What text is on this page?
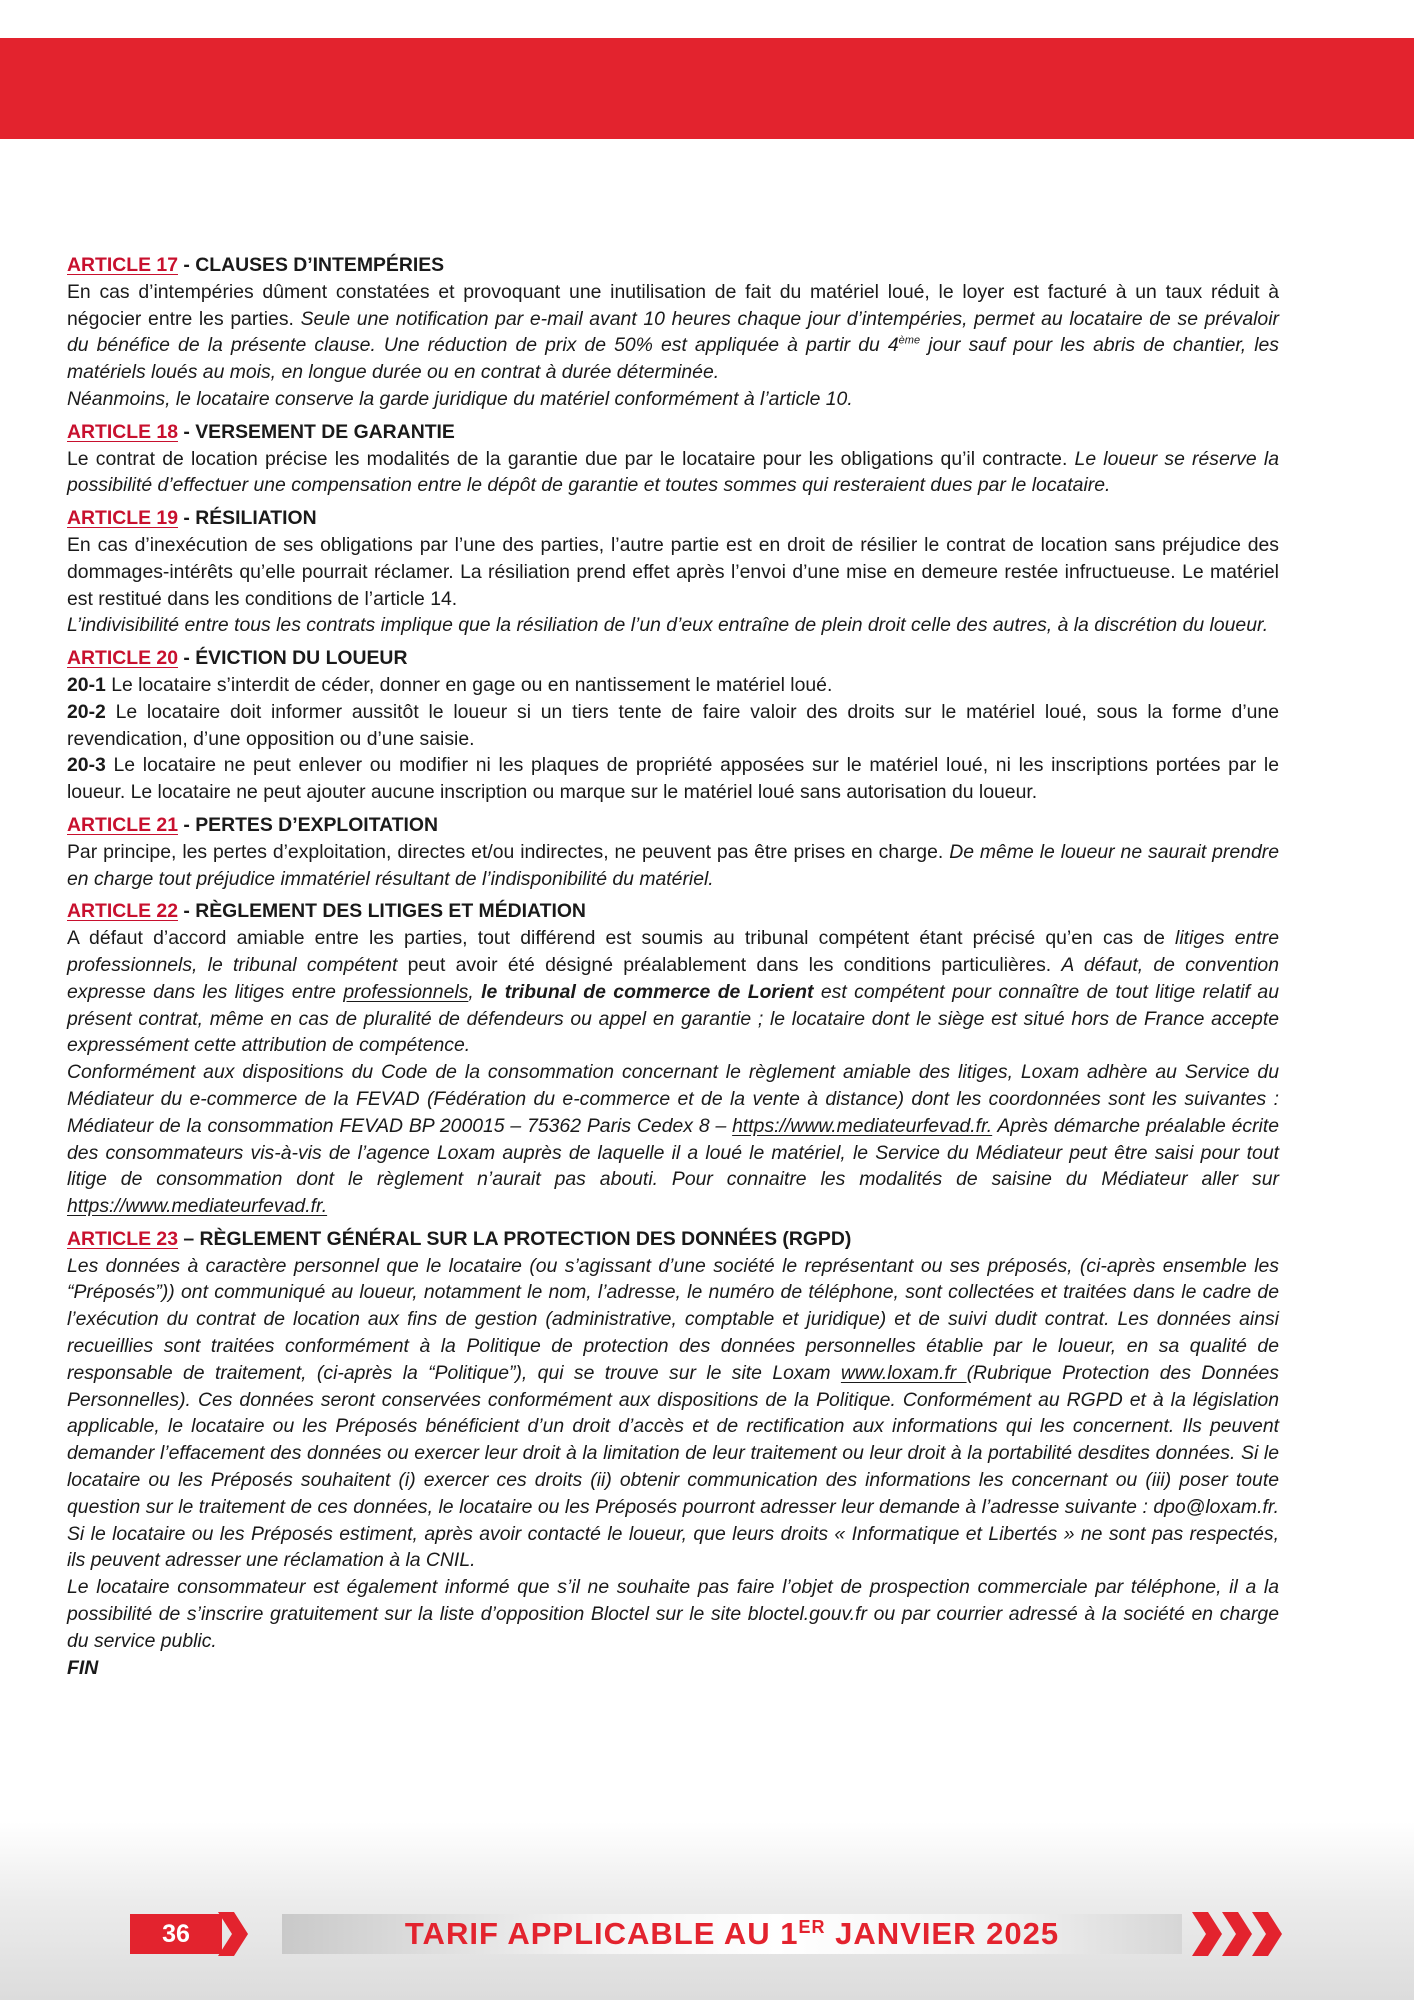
ARTICLE 17 - CLAUSES D’INTEMPÉRIES

En cas d’intempéries dûment constatées et provoquant une inutilisation de fait du matériel loué, le loyer est facturé à un taux réduit à négocier entre les parties. Seule une notification par e-mail avant 10 heures chaque jour d’intempéries, permet au locataire de se prévaloir du bénéfice de la présente clause. Une réduction de prix de 50% est appliquée à partir du 4ème jour sauf pour les abris de chantier, les matériels loués au mois, en longue durée ou en contrat à durée déterminée.

Néanmoins, le locataire conserve la garde juridique du matériel conformément à l’article 10.

ARTICLE 18 - VERSEMENT DE GARANTIE

Le contrat de location précise les modalités de la garantie due par le locataire pour les obligations qu’il contracte. Le loueur se réserve la possibilité d’effectuer une compensation entre le dépôt de garantie et toutes sommes qui resteraient dues par le locataire.

ARTICLE 19 - RÉSILIATION

En cas d’inexécution de ses obligations par l’une des parties, l’autre partie est en droit de résilier le contrat de location sans préjudice des dommages-intérêts qu’elle pourrait réclamer. La résiliation prend effet après l’envoi d’une mise en demeure restée infructueuse. Le matériel est restitué dans les conditions de l’article 14.

L’indivisibilité entre tous les contrats implique que la résiliation de l’un d’eux entraîne de plein droit celle des autres, à la discrétion du loueur.

ARTICLE 20 - ÉVICTION DU LOUEUR

20-1 Le locataire s’interdit de céder, donner en gage ou en nantissement le matériel loué.

20-2 Le locataire doit informer aussitôt le loueur si un tiers tente de faire valoir des droits sur le matériel loué, sous la forme d’une revendication, d’une opposition ou d’une saisie.

20-3 Le locataire ne peut enlever ou modifier ni les plaques de propriété apposées sur le matériel loué, ni les inscriptions portées par le loueur. Le locataire ne peut ajouter aucune inscription ou marque sur le matériel loué sans autorisation du loueur.

ARTICLE 21 - PERTES D’EXPLOITATION

Par principe, les pertes d’exploitation, directes et/ou indirectes, ne peuvent pas être prises en charge. De même le loueur ne saurait prendre en charge tout préjudice immatériel résultant de l’indisponibilité du matériel.

ARTICLE 22 - RÈGLEMENT DES LITIGES ET MÉDIATION

A défaut d’accord amiable entre les parties, tout différend est soumis au tribunal compétent étant précisé qu’en cas de litiges entre professionnels, le tribunal compétent peut avoir été désigné préalablement dans les conditions particulières. A défaut, de convention expresse dans les litiges entre professionnels, le tribunal de commerce de Lorient est compétent pour connaître de tout litige relatif au présent contrat, même en cas de pluralité de défendeurs ou appel en garantie ; le locataire dont le siège est situé hors de France accepte expressément cette attribution de compétence.

Conformément aux dispositions du Code de la consommation concernant le règlement amiable des litiges, Loxam adhère au Service du Médiateur du e-commerce de la FEVAD (Fédération du e-commerce et de la vente à distance) dont les coordonnées sont les suivantes : Médiateur de la consommation FEVAD BP 200015 – 75362 Paris Cedex 8 – https://www.mediateurfevad.fr. Après démarche préalable écrite des consommateurs vis-à-vis de l’agence Loxam auprès de laquelle il a loué le matériel, le Service du Médiateur peut être saisi pour tout litige de consommation dont le règlement n’aurait pas abouti. Pour connaitre les modalités de saisine du Médiateur aller sur https://www.mediateurfevad.fr.

ARTICLE 23 – RÈGLEMENT GÉNÉRAL SUR LA PROTECTION DES DONNÉES (RGPD)

Les données à caractère personnel que le locataire (ou s’agissant d’une société le représentant ou ses préposés, (ci-après ensemble les “Préposés”)) ont communiqué au loueur, notamment le nom, l’adresse, le numéro de téléphone, sont collectées et traitées dans le cadre de l’exécution du contrat de location aux fins de gestion (administrative, comptable et juridique) et de suivi dudit contrat. Les données ainsi recueillies sont traitées conformément à la Politique de protection des données personnelles établie par le loueur, en sa qualité de responsable de traitement, (ci-après la “Politique”), qui se trouve sur le site Loxam www.loxam.fr (Rubrique Protection des Données Personnelles). Ces données seront conservées conformément aux dispositions de la Politique. Conformément au RGPD et à la législation applicable, le locataire ou les Préposés bénéficient d’un droit d’accès et de rectification aux informations qui les concernent. Ils peuvent demander l’effacement des données ou exercer leur droit à la limitation de leur traitement ou leur droit à la portabilité desdites données. Si le locataire ou les Préposés souhaitent (i) exercer ces droits (ii) obtenir communication des informations les concernant ou (iii) poser toute question sur le traitement de ces données, le locataire ou les Préposés pourront adresser leur demande à l’adresse suivante : dpo@loxam.fr. Si le locataire ou les Préposés estiment, après avoir contacté le loueur, que leurs droits « Informatique et Libertés » ne sont pas respectés, ils peuvent adresser une réclamation à la CNIL.

Le locataire consommateur est également informé que s’il ne souhaite pas faire l’objet de prospection commerciale par téléphone, il a la possibilité de s’inscrire gratuitement sur la liste d’opposition Bloctel sur le site bloctel.gouv.fr ou par courrier adressé à la société en charge du service public.

FIN

36	TARIF APPLICABLE AU 1ER JANVIER 2025
